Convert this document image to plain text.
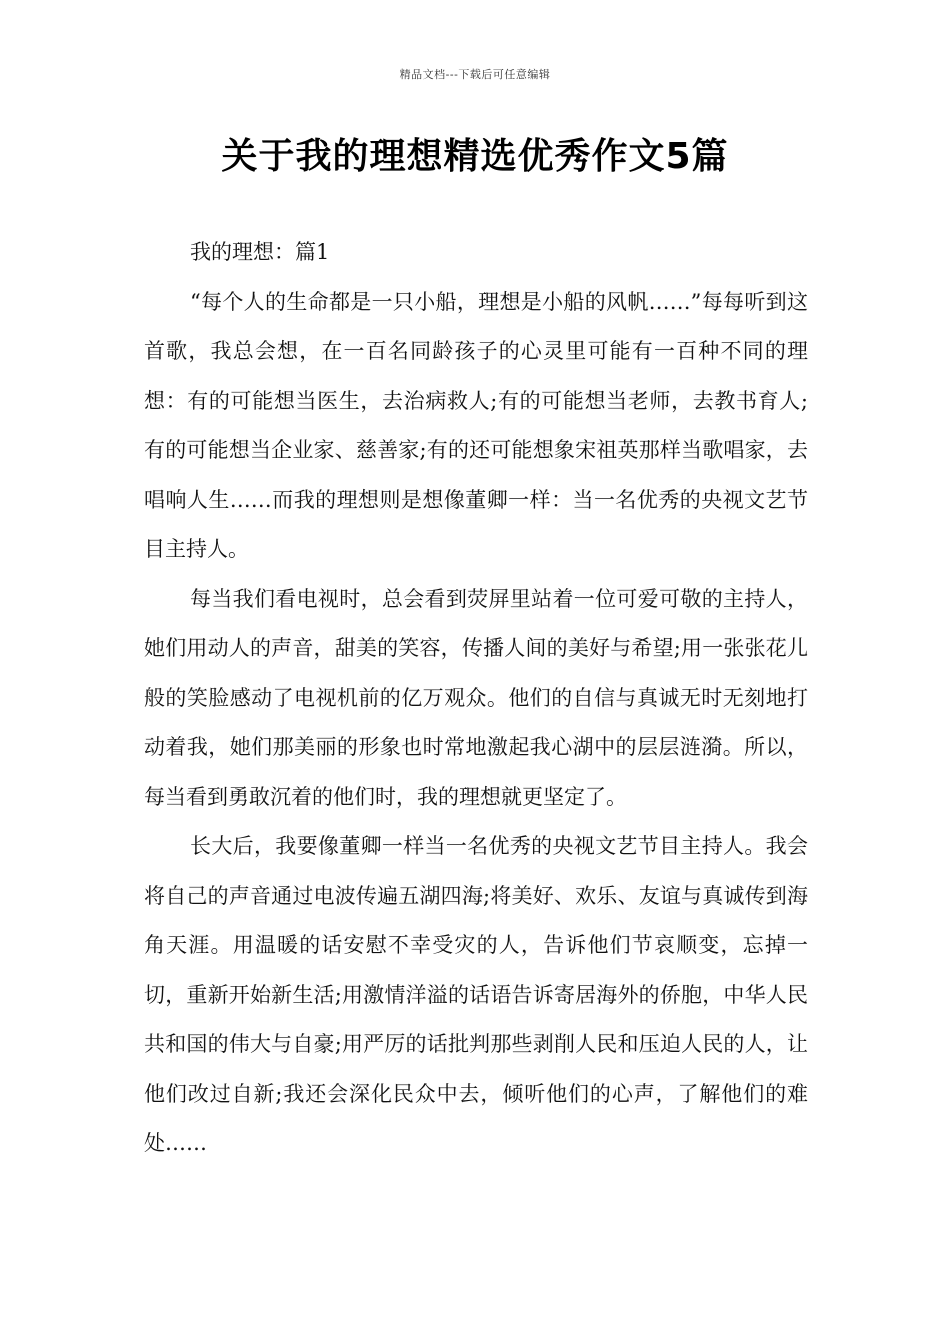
精品文档---下载后可任意编辑
关于我的理想精选优秀作文5篇

我的理想：篇1

“每个人的生命都是一只小船，理想是小船的风帆……”每每听到这首歌，我总会想，在一百名同龄孩子的心灵里可能有一百种不同的理想：有的可能想当医生，去治病救人;有的可能想当老师，去教书育人;有的可能想当企业家、慈善家;有的还可能想象宋祖英那样当歌唱家，去唱响人生……而我的理想则是想像董卿一样：当一名优秀的央视文艺节目主持人。

每当我们看电视时，总会看到荧屏里站着一位可爱可敬的主持人，她们用动人的声音，甜美的笑容，传播人间的美好与希望;用一张张花儿般的笑脸感动了电视机前的亿万观众。他们的自信与真诚无时无刻地打动着我，她们那美丽的形象也时常地激起我心湖中的层层涟漪。所以，每当看到勇敢沉着的他们时，我的理想就更坚定了。

长大后，我要像董卿一样当一名优秀的央视文艺节目主持人。我会将自己的声音通过电波传遍五湖四海;将美好、欢乐、友谊与真诚传到海角天涯。用温暖的话安慰不幸受灾的人，告诉他们节哀顺变，忘掉一切，重新开始新生活;用激情洋溢的话语告诉寄居海外的侨胞，中华人民共和国的伟大与自豪;用严厉的话批判那些剥削人民和压迫人民的人，让他们改过自新;我还会深化民众中去，倾听他们的心声，了解他们的难处……
